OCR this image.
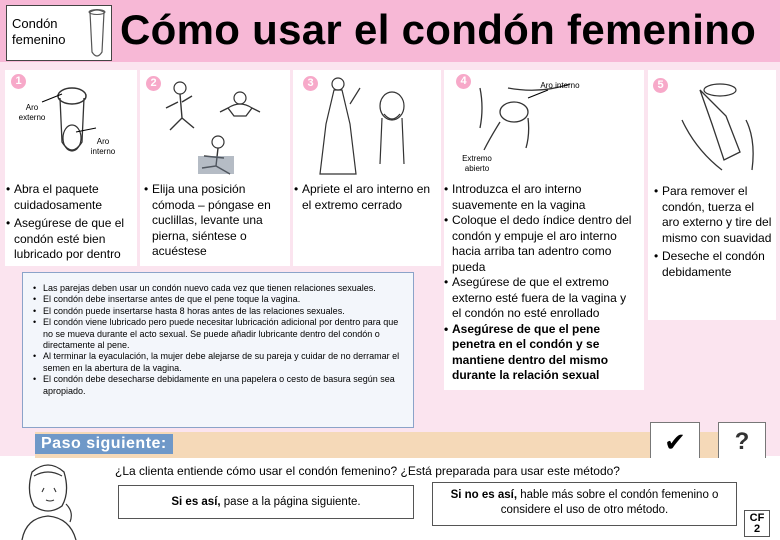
Condón
femenino Cómo usar el condón femenino
1	2	3	4	5
Aro externo
Aro interno
Aro interno
Extremo abierto
• Abra el paquete cuidadosamente
• Asegúrese de que el condón esté bien lubricado por dentro
• Elija una posición cómoda – póngase en cuclillas, levante una pierna, siéntese o acuéstese
• Apriete el aro interno en el extremo cerrado
• Introduzca el aro interno suavemente en la vagina
• Coloque el dedo índice dentro del condón y empuje el aro interno hacia arriba tan adentro como pueda
• Asegúrese de que el extremo externo esté fuera de la vagina y el condón no esté enrollado
• Asegúrese de que el pene penetra en el condón y se mantiene dentro del mismo durante la relación sexual
• Para remover el condón, tuerza el aro externo y tire del mismo con suavidad
• Deseche el condón debidamente
• Las parejas deben usar un condón nuevo cada vez que tienen relaciones sexuales.
• El condón debe insertarse antes de que el pene toque la vagina.
• El condón puede insertarse hasta 8 horas antes de las relaciones sexuales.
• El condón viene lubricado pero puede necesitar lubricación adicional por dentro para que no se mueva durante el acto sexual. Se puede añadir lubricante dentro del condón o directamente al pene.
• Al terminar la eyaculación, la mujer debe alejarse de su pareja y cuidar de no derramar el semen en la abertura de la vagina.
• El condón debe desecharse debidamente en una papelera o cesto de basura según sea apropiado.
Paso siguiente:	✔	?
¿La clienta entiende cómo usar el condón femenino? ¿Está preparada para usar este método?
Si es así, pase a la página siguiente.
Si no es así, hable más sobre el condón femenino o considere el uso de otro método.
CF
2
